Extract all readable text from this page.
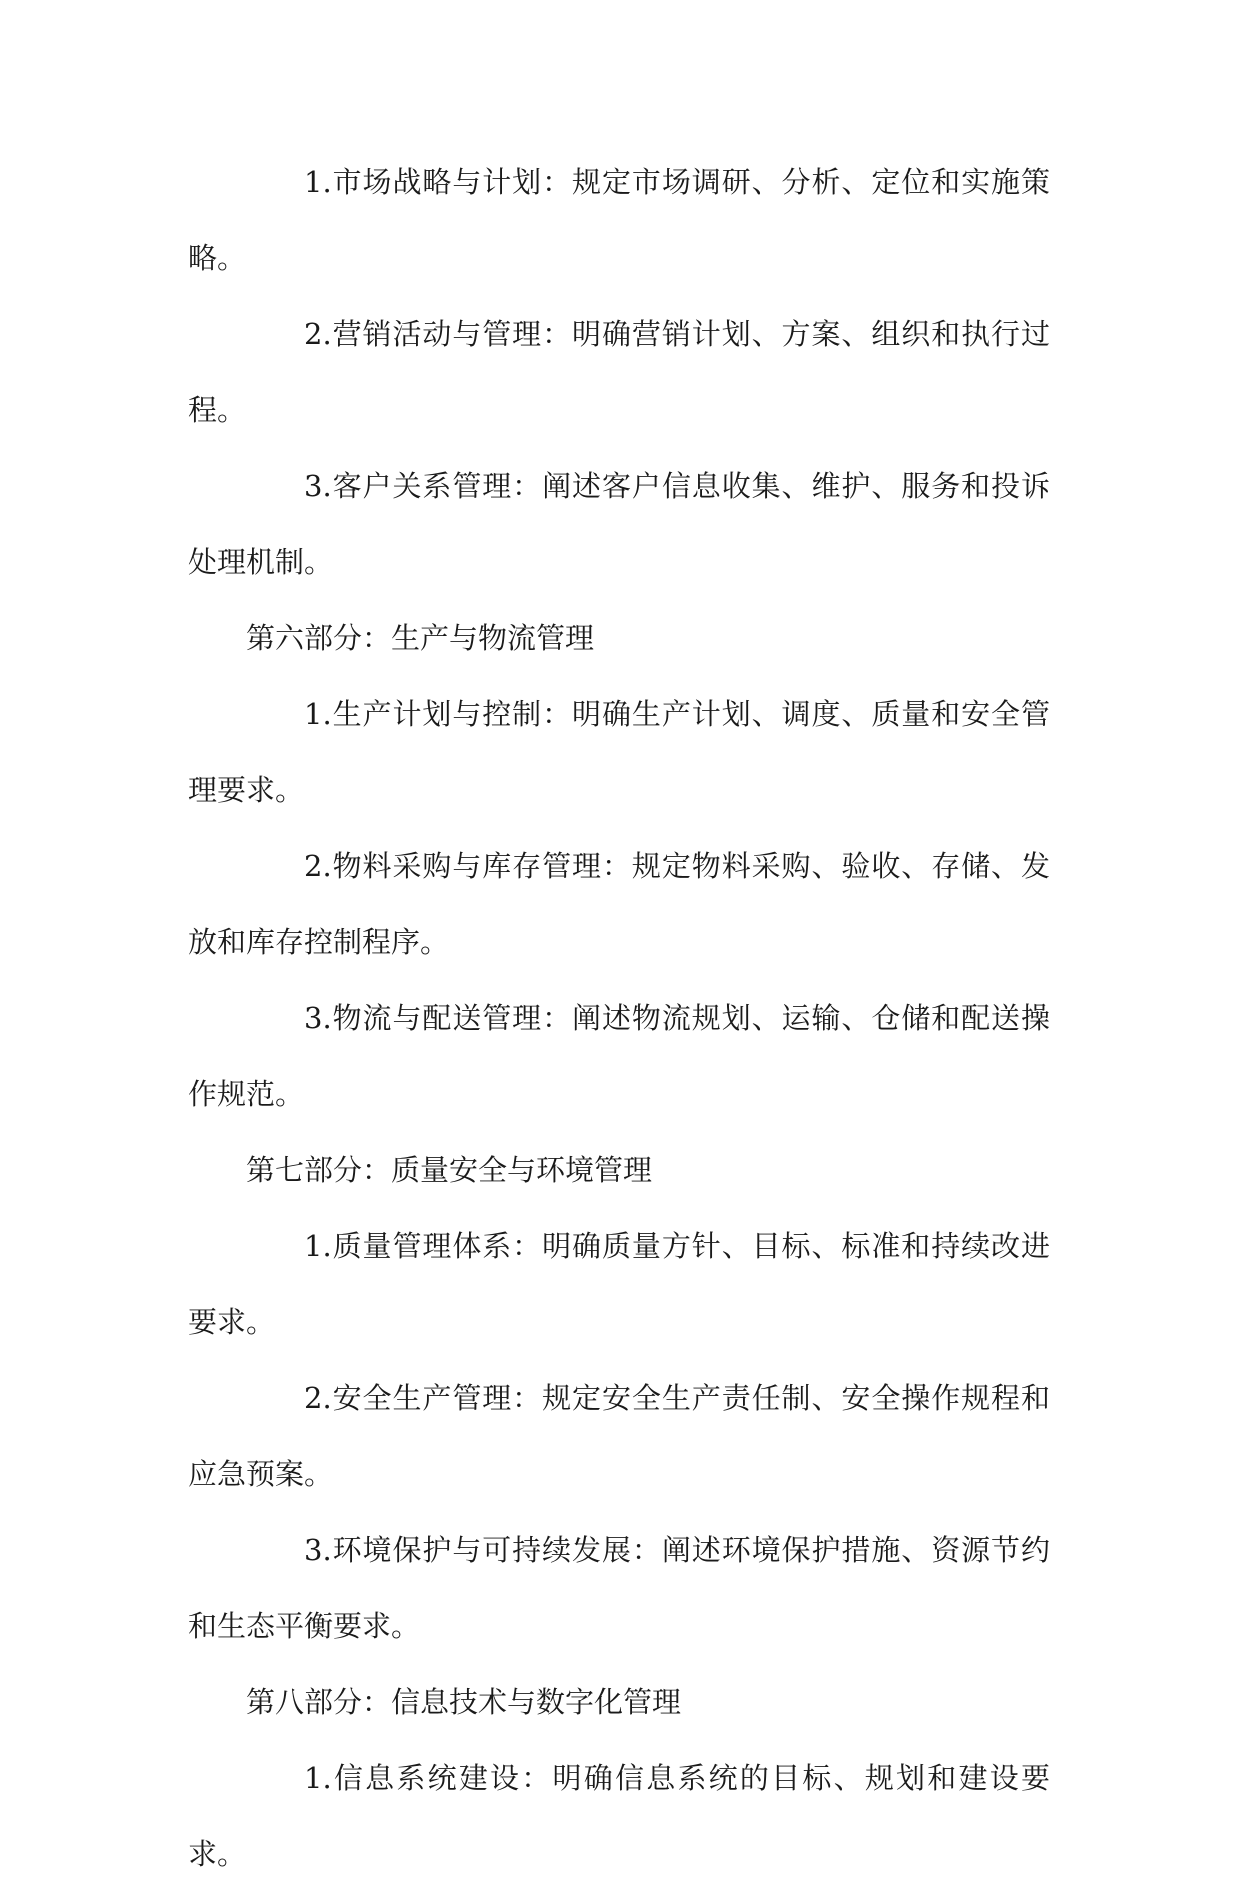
1.市场战略与计划：规定市场调研、分析、定位和实施策略。

2.营销活动与管理：明确营销计划、方案、组织和执行过程。

3.客户关系管理：阐述客户信息收集、维护、服务和投诉处理机制。

第六部分：生产与物流管理

1.生产计划与控制：明确生产计划、调度、质量和安全管理要求。

2.物料采购与库存管理：规定物料采购、验收、存储、发放和库存控制程序。

3.物流与配送管理：阐述物流规划、运输、仓储和配送操作规范。

第七部分：质量安全与环境管理

1.质量管理体系：明确质量方针、目标、标准和持续改进要求。

2.安全生产管理：规定安全生产责任制、安全操作规程和应急预案。

3.环境保护与可持续发展：阐述环境保护措施、资源节约和生态平衡要求。

第八部分：信息技术与数字化管理

1.信息系统建设：明确信息系统的目标、规划和建设要求。
